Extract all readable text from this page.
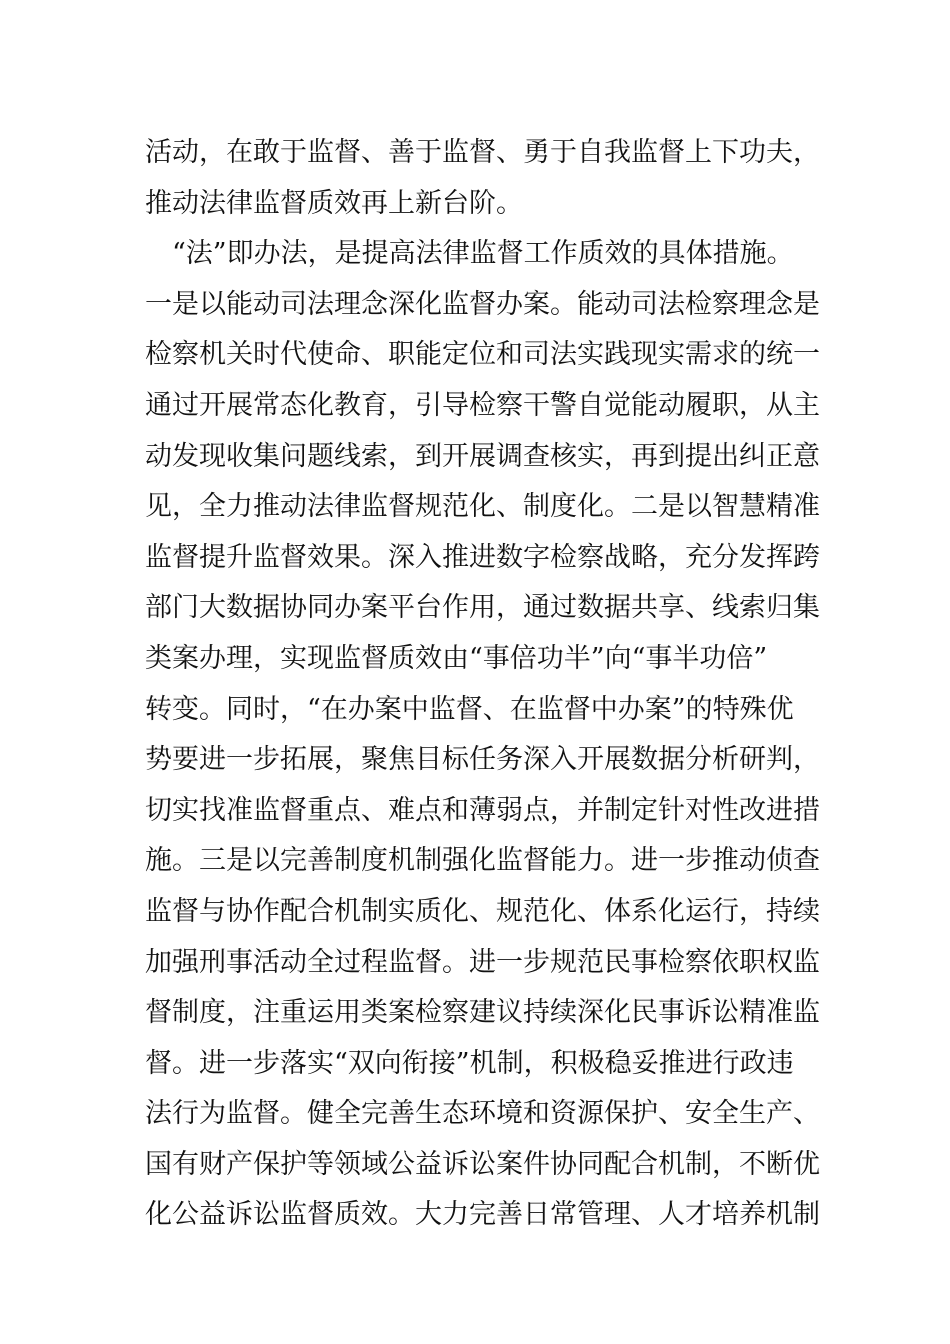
活动，在敢于监督、善于监督、勇于自我监督上下功夫，
推动法律监督质效再上新台阶。
　“法”即办法，是提高法律监督工作质效的具体措施。
一是以能动司法理念深化监督办案。能动司法检察理念是
检察机关时代使命、职能定位和司法实践现实需求的统一
通过开展常态化教育，引导检察干警自觉能动履职，从主
动发现收集问题线索，到开展调查核实，再到提出纠正意
见，全力推动法律监督规范化、制度化。二是以智慧精准
监督提升监督效果。深入推进数字检察战略，充分发挥跨
部门大数据协同办案平台作用，通过数据共享、线索归集
类案办理，实现监督质效由“事倍功半”向“事半功倍”
转变。同时，“在办案中监督、在监督中办案”的特殊优
势要进一步拓展，聚焦目标任务深入开展数据分析研判，
切实找准监督重点、难点和薄弱点，并制定针对性改进措
施。三是以完善制度机制强化监督能力。进一步推动侦查
监督与协作配合机制实质化、规范化、体系化运行，持续
加强刑事活动全过程监督。进一步规范民事检察依职权监
督制度，注重运用类案检察建议持续深化民事诉讼精准监
督。进一步落实“双向衔接”机制，积极稳妥推进行政违
法行为监督。健全完善生态环境和资源保护、安全生产、
国有财产保护等领域公益诉讼案件协同配合机制，不断优
化公益诉讼监督质效。大力完善日常管理、人才培养机制
